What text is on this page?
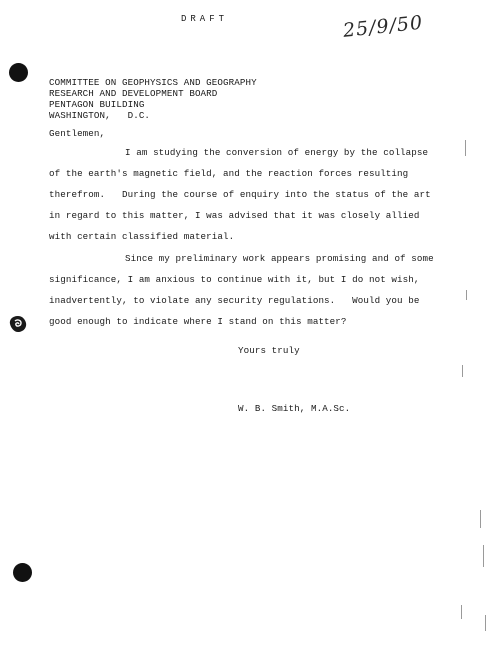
DRAFT	25/9/50
COMMITTEE ON GEOPHYSICS AND GEOGRAPHY
RESEARCH AND DEVELOPMENT BOARD
PENTAGON BUILDING
WASHINGTON,   D.C.
Gentlemen,
I am studying the conversion of energy by the collapse
of the earth's magnetic field, and the reaction forces resulting
therefrom.   During the course of enquiry into the status of the art
in regard to this matter, I was advised that it was closely allied
with certain classified material.
Since my preliminary work appears promising and of some
significance, I am anxious to continue with it, but I do not wish,
inadvertently, to violate any security regulations.   Would you be
good enough to indicate where I stand on this matter?
Yours truly
W. B. Smith, M.A.Sc.
